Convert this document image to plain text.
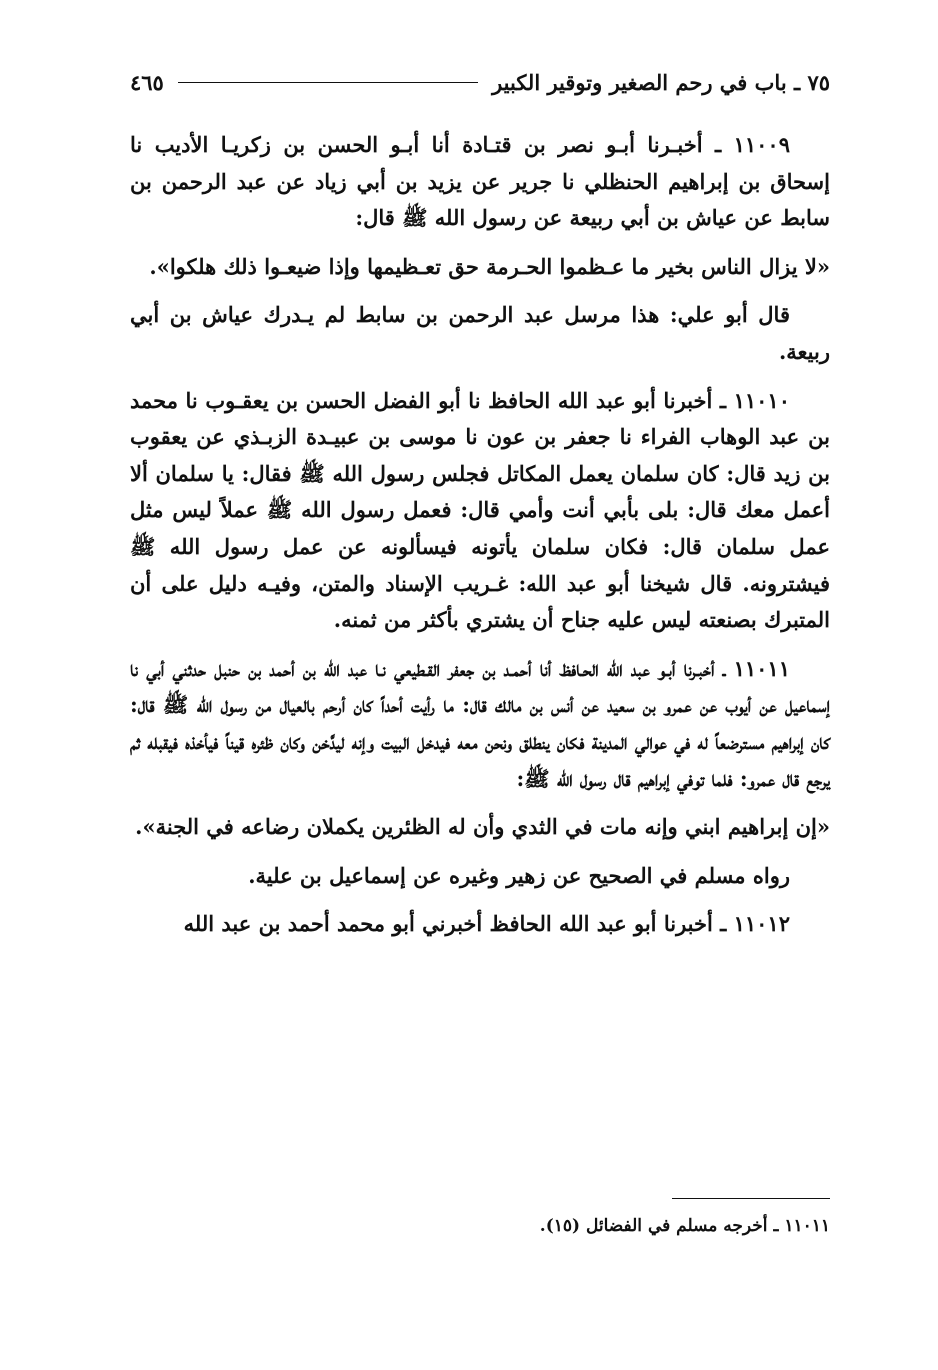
٧٥ ـ باب في رحم الصغير وتوقير الكبير
٤٦٥

١١٠٠٩ ـ أخبـرنا أبـو نصر بن قتـادة أنا أبـو الحسن بن زكريـا الأديب نا إسحاق بن إبراهيم الحنظلي نا جرير عن يزيد بن أبي زياد عن عبد الرحمن بن سابط عن عياش بن أبي ربيعة عن رسول الله ﷺ قال:

«لا يزال الناس بخير ما عـظموا الحـرمة حق تعـظيمها وإذا ضيعـوا ذلك هلكوا».

قال أبو علي: هذا مرسل عبد الرحمن بن سابط لم يـدرك عياش بن أبي ربيعة.

١١٠١٠ ـ أخبرنا أبو عبد الله الحافظ نا أبو الفضل الحسن بن يعقـوب نا محمد بن عبد الوهاب الفراء نا جعفر بن عون نا موسى بن عبيـدة الزبـذي عن يعقوب بن زيد قال: كان سلمان يعمل المكاتل فجلس رسول الله ﷺ فقال: يا سلمان ألا أعمل معك قال: بلى بأبي أنت وأمي قال: فعمل رسول الله ﷺ عملاً ليس مثل عمل سلمان قال: فكان سلمان يأتونه فيسألونه عن عمل رسول الله ﷺ فيشترونه. قال شيخنا أبو عبد الله: غـريب الإسناد والمتن، وفيـه دليل على أن المتبرك بصنعته ليس عليه جناح أن يشتري بأكثر من ثمنه.

١١٠١١ ـ أخبـرنا أبـو عبد الله الحـافظ أنا أحمـد بن جعفر القـطيعي نـا عبد الله بن أحمد بن حنبل حدثني أبي نا إسماعيل عن أيوب عن عمرو بن سعيد عن أنس بن مالك قال: ما رأيت أحداً كان أرحم بالعيال من رسول الله ﷺ قال: كان إبراهيم مسترضعاً له في عوالي المدينة فكان ينطلق ونحن معه فيدخل البيت وإنه ليدَّخن وكان ظئره قيناً فيأخذه فيقبله ثم يرجع قال عمرو: فلما توفي إبراهيم قال رسول الله ﷺ:

«إن إبراهيم ابني وإنه مات في الثدي وأن له الظئرين يكملان رضاعه في الجنة».

رواه مسلم في الصحيح عن زهير وغيره عن إسماعيل بن علية.

١١٠١٢ ـ أخبرنا أبو عبد الله الحافظ أخبرني أبو محمد أحمد بن عبد الله

١١٠١١ ـ أخرجه مسلم في الفضائل (١٥).
